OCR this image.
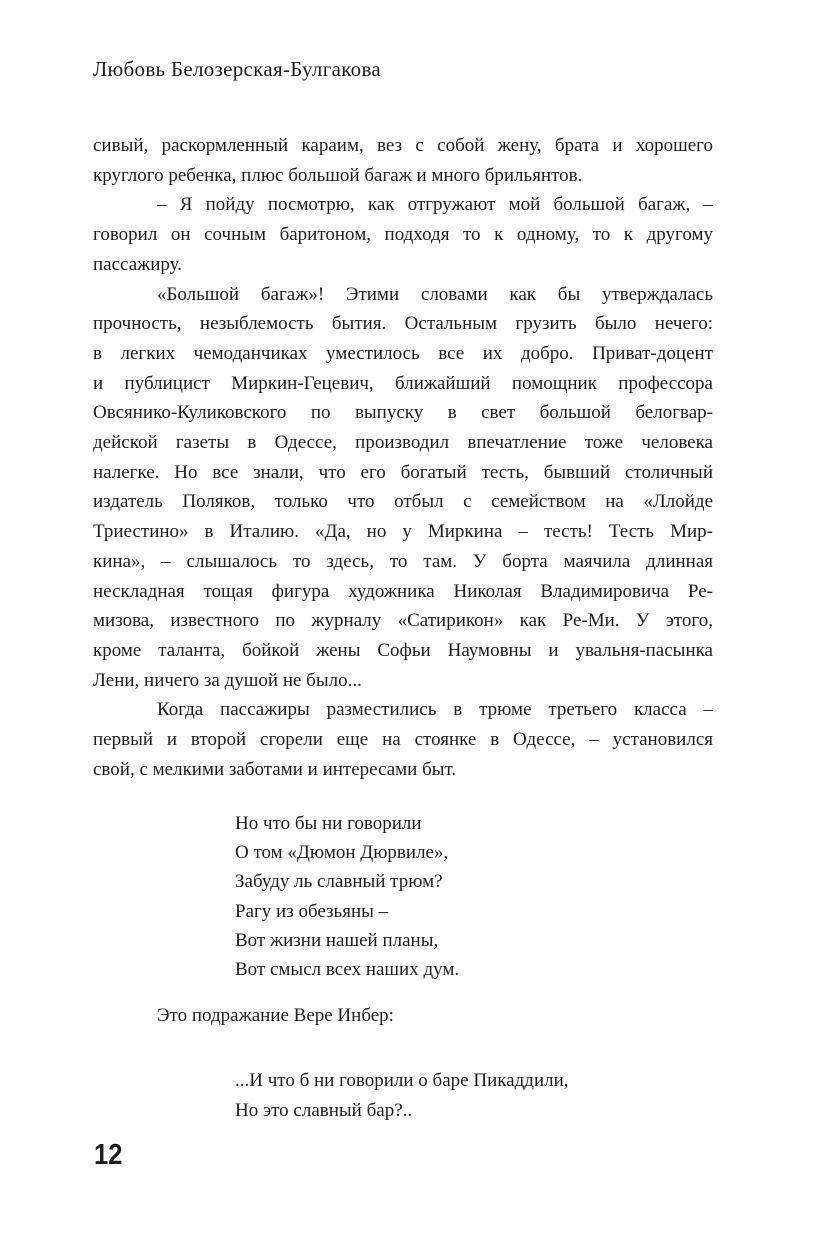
Любовь Белозерская-Булгакова
сивый, раскормленный караим, вез с собой жену, брата и хорошего
круглого ребенка, плюс большой багаж и много брильянтов.
– Я пойду посмотрю, как отгружают мой большой багаж, –
говорил он сочным баритоном, подходя то к одному, то к другому
пассажиру.
«Большой багаж»! Этими словами как бы утверждалась
прочность, незыблемость бытия. Остальным грузить было нечего:
в легких чемоданчиках уместилось все их добро. Приват-доцент
и публицист Миркин-Гецевич, ближайший помощник профессора
Овсянико-Куликовского по выпуску в свет большой белогвар-
дейской газеты в Одессе, производил впечатление тоже человека
налегке. Но все знали, что его богатый тесть, бывший столичный
издатель Поляков, только что отбыл с семейством на «Ллойде
Триестино» в Италию. «Да, но у Миркина – тесть! Тесть Мир-
кина», – слышалось то здесь, то там. У борта маячила длинная
нескладная тощая фигура художника Николая Владимировича Ре-
мизова, известного по журналу «Сатирикон» как Ре-Ми. У этого,
кроме таланта, бойкой жены Софьи Наумовны и увальня-пасынка
Лени, ничего за душой не было...
Когда пассажиры разместились в трюме третьего класса –
первый и второй сгорели еще на стоянке в Одессе, – установился
свой, с мелкими заботами и интересами быт.
Но что бы ни говорили
О том «Дюмон Дюрвиле»,
Забуду ль славный трюм?
Рагу из обезьяны –
Вот жизни нашей планы,
Вот смысл всех наших дум.
Это подражание Вере Инбер:
...И что б ни говорили о баре Пикаддили,
Но это славный бар?..
12
